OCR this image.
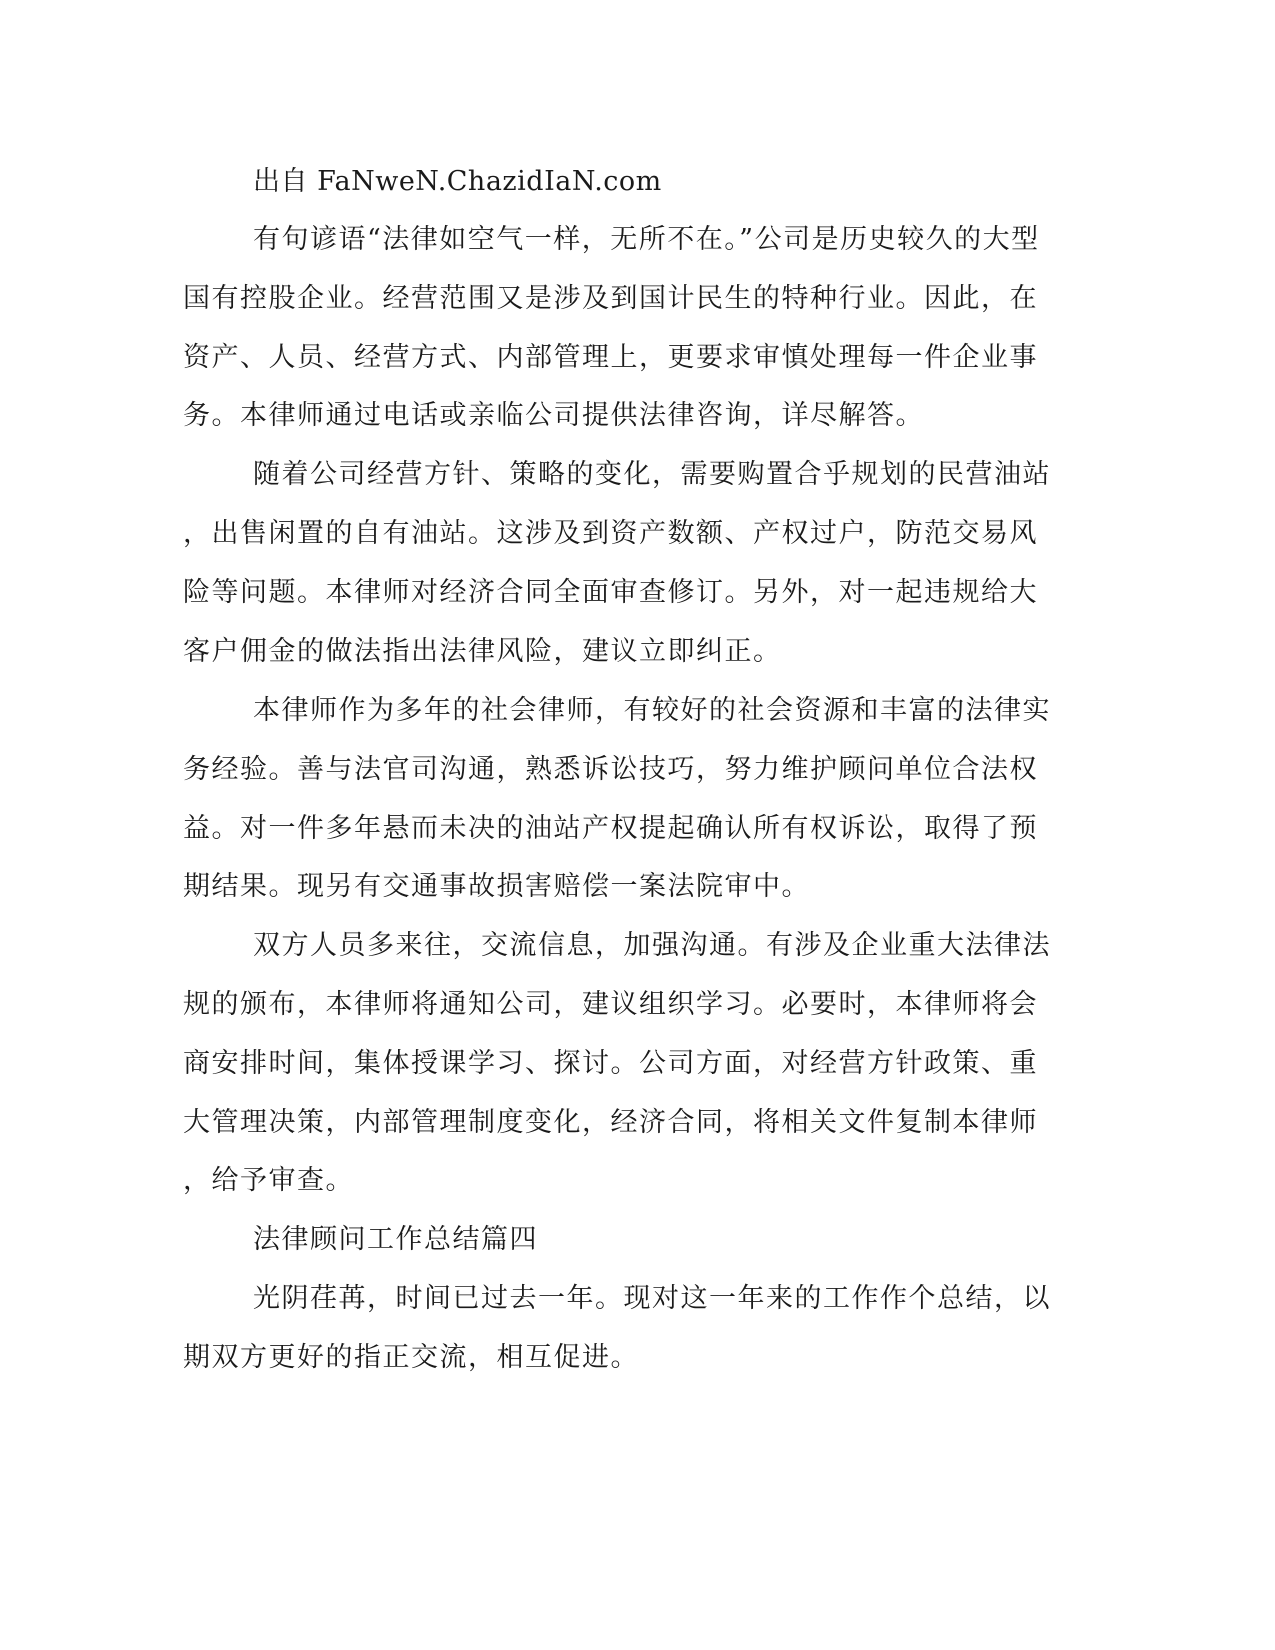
出自 FaNweN.ChazidIaN.com
有句谚语“法律如空气一样，无所不在。”公司是历史较久的大型
国有控股企业。经营范围又是涉及到国计民生的特种行业。因此，在
资产、人员、经营方式、内部管理上，更要求审慎处理每一件企业事
务。本律师通过电话或亲临公司提供法律咨询，详尽解答。
随着公司经营方针、策略的变化，需要购置合乎规划的民营油站
，出售闲置的自有油站。这涉及到资产数额、产权过户，防范交易风
险等问题。本律师对经济合同全面审查修订。另外，对一起违规给大
客户佣金的做法指出法律风险，建议立即纠正。
本律师作为多年的社会律师，有较好的社会资源和丰富的法律实
务经验。善与法官司沟通，熟悉诉讼技巧，努力维护顾问单位合法权
益。对一件多年悬而未决的油站产权提起确认所有权诉讼，取得了预
期结果。现另有交通事故损害赔偿一案法院审中。
双方人员多来往，交流信息，加强沟通。有涉及企业重大法律法
规的颁布，本律师将通知公司，建议组织学习。必要时，本律师将会
商安排时间，集体授课学习、探讨。公司方面，对经营方针政策、重
大管理决策，内部管理制度变化，经济合同，将相关文件复制本律师
，给予审查。
法律顾问工作总结篇四
光阴荏苒，时间已过去一年。现对这一年来的工作作个总结，以
期双方更好的指正交流，相互促进。
